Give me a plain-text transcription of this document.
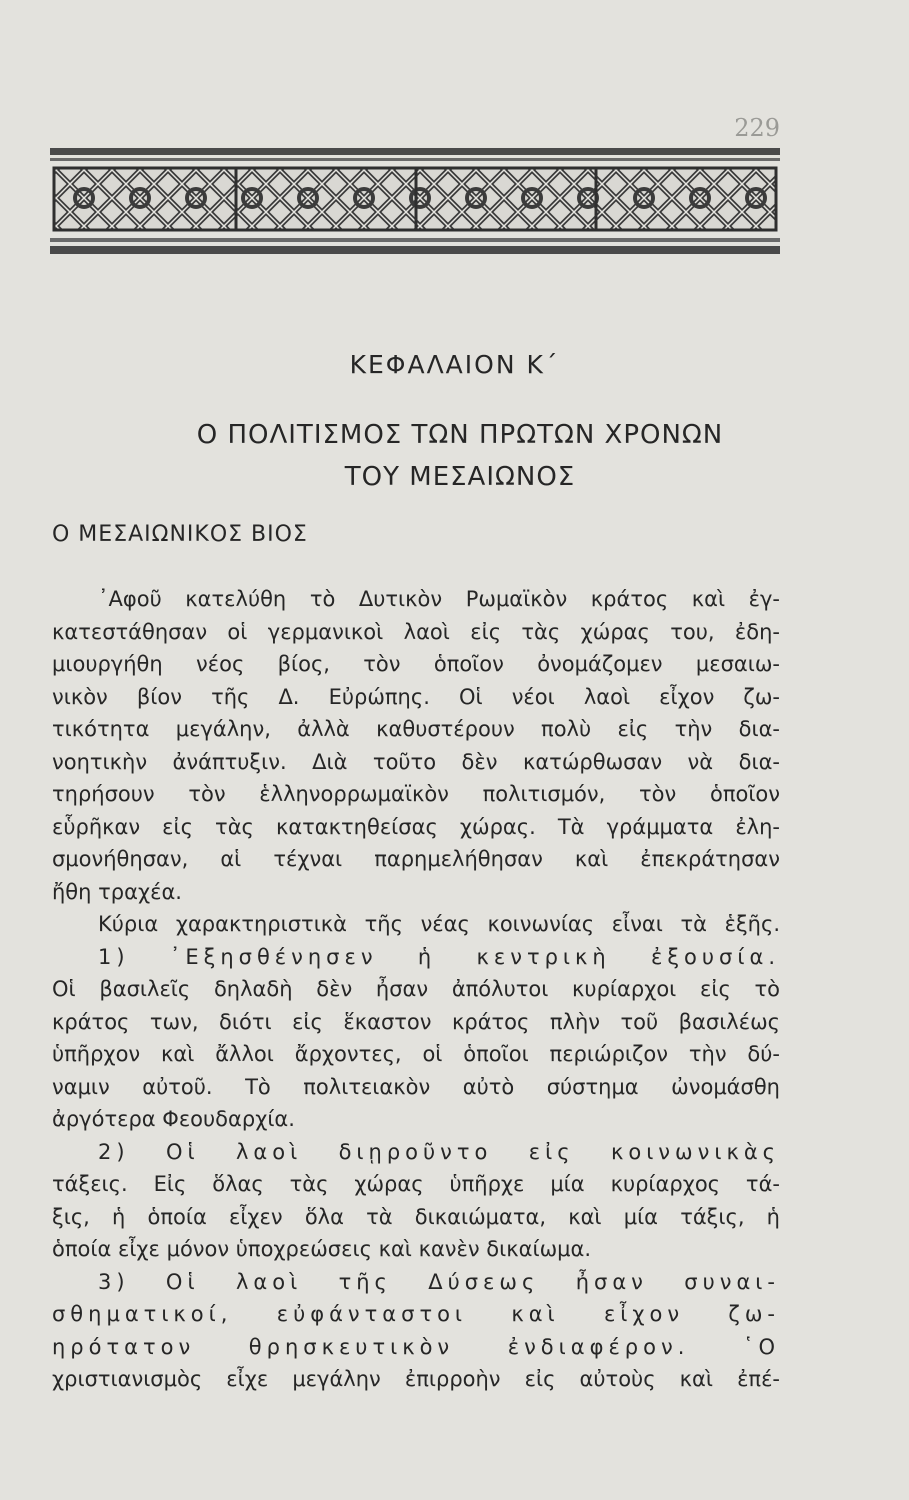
229
ΚΕΦΑΛΑΙΟΝ Κ΄
Ο ΠΟΛΙΤΙΣΜΟΣ ΤΩΝ ΠΡΩΤΩΝ ΧΡΟΝΩΝ
ΤΟΥ ΜΕΣΑΙΩΝΟΣ
Ο ΜΕΣΑΙΩΝΙΚΟΣ ΒΙΟΣ
᾿Αφοῦ κατελύθη τὸ Δυτικὸν Ρωμαϊκὸν κράτος καὶ ἐγ-
κατεστάθησαν οἱ γερμανικοὶ λαοὶ εἰς τὰς χώρας του, ἐδη-
μιουργήθη νέος βίος, τὸν ὁποῖον ὀνομάζομεν μεσαιω-
νικὸν βίον τῆς Δ. Εὐρώπης. Οἱ νέοι λαοὶ εἶχον ζω-
τικότητα μεγάλην, ἀλλὰ καθυστέρουν πολὺ εἰς τὴν δια-
νοητικὴν ἀνάπτυξιν. Διὰ τοῦτο δὲν κατώρθωσαν νὰ δια-
τηρήσουν τὸν ἑλληνορρωμαϊκὸν πολιτισμόν, τὸν ὁποῖον
εὗρῆκαν εἰς τὰς κατακτηθείσας χώρας. Τὰ γράμματα ἐλη-
σμονήθησαν, αἱ τέχναι παρημελήθησαν καὶ ἐπεκράτησαν
ἤθη τραχέα.
Κύρια χαρακτηριστικὰ τῆς νέας κοινωνίας εἶναι τὰ ἑξῆς.
1) ᾿Εξησθένησεν ἡ κεντρικὴ ἐξουσία.
Οἱ βασιλεῖς δηλαδὴ δὲν ἦσαν ἀπόλυτοι κυρίαρχοι εἰς τὸ
κράτος των, διότι εἰς ἕκαστον κράτος πλὴν τοῦ βασιλέως
ὑπῆρχον καὶ ἄλλοι ἄρχοντες, οἱ ὁποῖοι περιώριζον τὴν δύ-
ναμιν αὐτοῦ. Τὸ πολιτειακὸν αὐτὸ σύστημα ὠνομάσθη
ἀργότερα Φεουδαρχία.
2) Οἱ λαοὶ διῃροῦντο εἰς κοινωνικὰς
τάξεις. Εἰς ὅλας τὰς χώρας ὑπῆρχε μία κυρίαρχος τά-
ξις, ἡ ὁποία εἶχεν ὅλα τὰ δικαιώματα, καὶ μία τάξις, ἡ
ὁποία εἶχε μόνον ὑποχρεώσεις καὶ κανὲν δικαίωμα.
3) Οἱ λαοὶ τῆς Δύσεως ἦσαν συναι-
σθηματικοί, εὐφάνταστοι καὶ εἶχον ζω-
ηρότατον θρησκευτικὸν ἐνδιαφέρον. ῾Ο
χριστιανισμὸς εἶχε μεγάλην ἐπιρροὴν εἰς αὐτοὺς καὶ ἐπέ-
